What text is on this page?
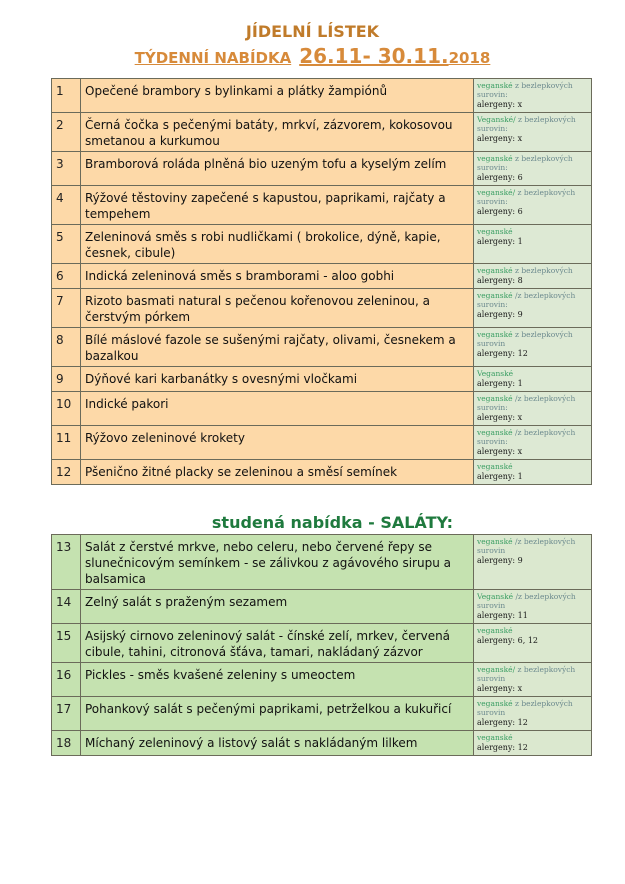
JÍDELNÍ LÍSTEK
TÝDENNÍ NABÍDKA 26.11- 30.11.2018
1	Opečené brambory s bylinkami a plátky žampiónů	veganské z bezlepkových surovin:
alergeny: x

2	Černá čočka s pečenými batáty, mrkví, zázvorem, kokosovou smetanou a kurkumou	Veganské/ z bezlepkových surovin:
alergeny: x

3	Bramborová roláda plněná bio uzeným tofu a kyselým zelím	veganské z bezlepkových surovin:
alergeny: 6

4	Rýžové těstoviny zapečené s kapustou, paprikami, rajčaty a tempehem	veganské/ z bezlepkových surovin:
alergeny: 6

5	Zeleninová směs s robi nudličkami ( brokolice, dýně, kapie, česnek, cibule)	veganské
alergeny: 1

6	Indická zeleninová směs s bramborami - aloo gobhi	veganské z bezlepkových
alergeny: 8

7	Rizoto basmati natural s pečenou kořenovou zeleninou, a čerstvým pórkem	veganské /z bezlepkových surovin:
alergeny: 9

8	Bílé máslové fazole se sušenými rajčaty, olivami, česnekem a bazalkou	veganské z bezlepkových surovin
alergeny: 12

9	Dýňové kari karbanátky s ovesnými vločkami	Veganské
alergeny: 1

10	Indické pakori	veganské /z bezlepkových surovin:
alergeny: x

11	Rýžovo zeleninové krokety	veganské /z bezlepkových surovin:
alergeny: x

12	Pšenično žitné placky se zeleninou a směsí semínek	veganské
alergeny: 1
studená nabídka - SALÁTY:
13	Salát z čerstvé mrkve, nebo celeru, nebo červené řepy se slunečnicovým semínkem - se zálivkou z agávového sirupu a balsamica	veganské /z bezlepkových surovin
alergeny: 9

14	Zelný salát s praženým sezamem	Veganské /z bezlepkových surovin
alergeny: 11

15	Asijský cirnovo zeleninový salát - čínské zelí, mrkev, červená cibule, tahini, citronová šťáva, tamari, nakládaný zázvor	veganské
alergeny: 6, 12

16	Pickles - směs kvašené zeleniny s umeoctem	veganské/ z bezlepkových surovin
alergeny: x

17	Pohankový salát s pečenými paprikami, petrželkou a kukuřicí	veganské z bezlepkových surovin
alergeny: 12

18	Míchaný zeleninový a listový salát s nakládaným lilkem	veganské
alergeny: 12
